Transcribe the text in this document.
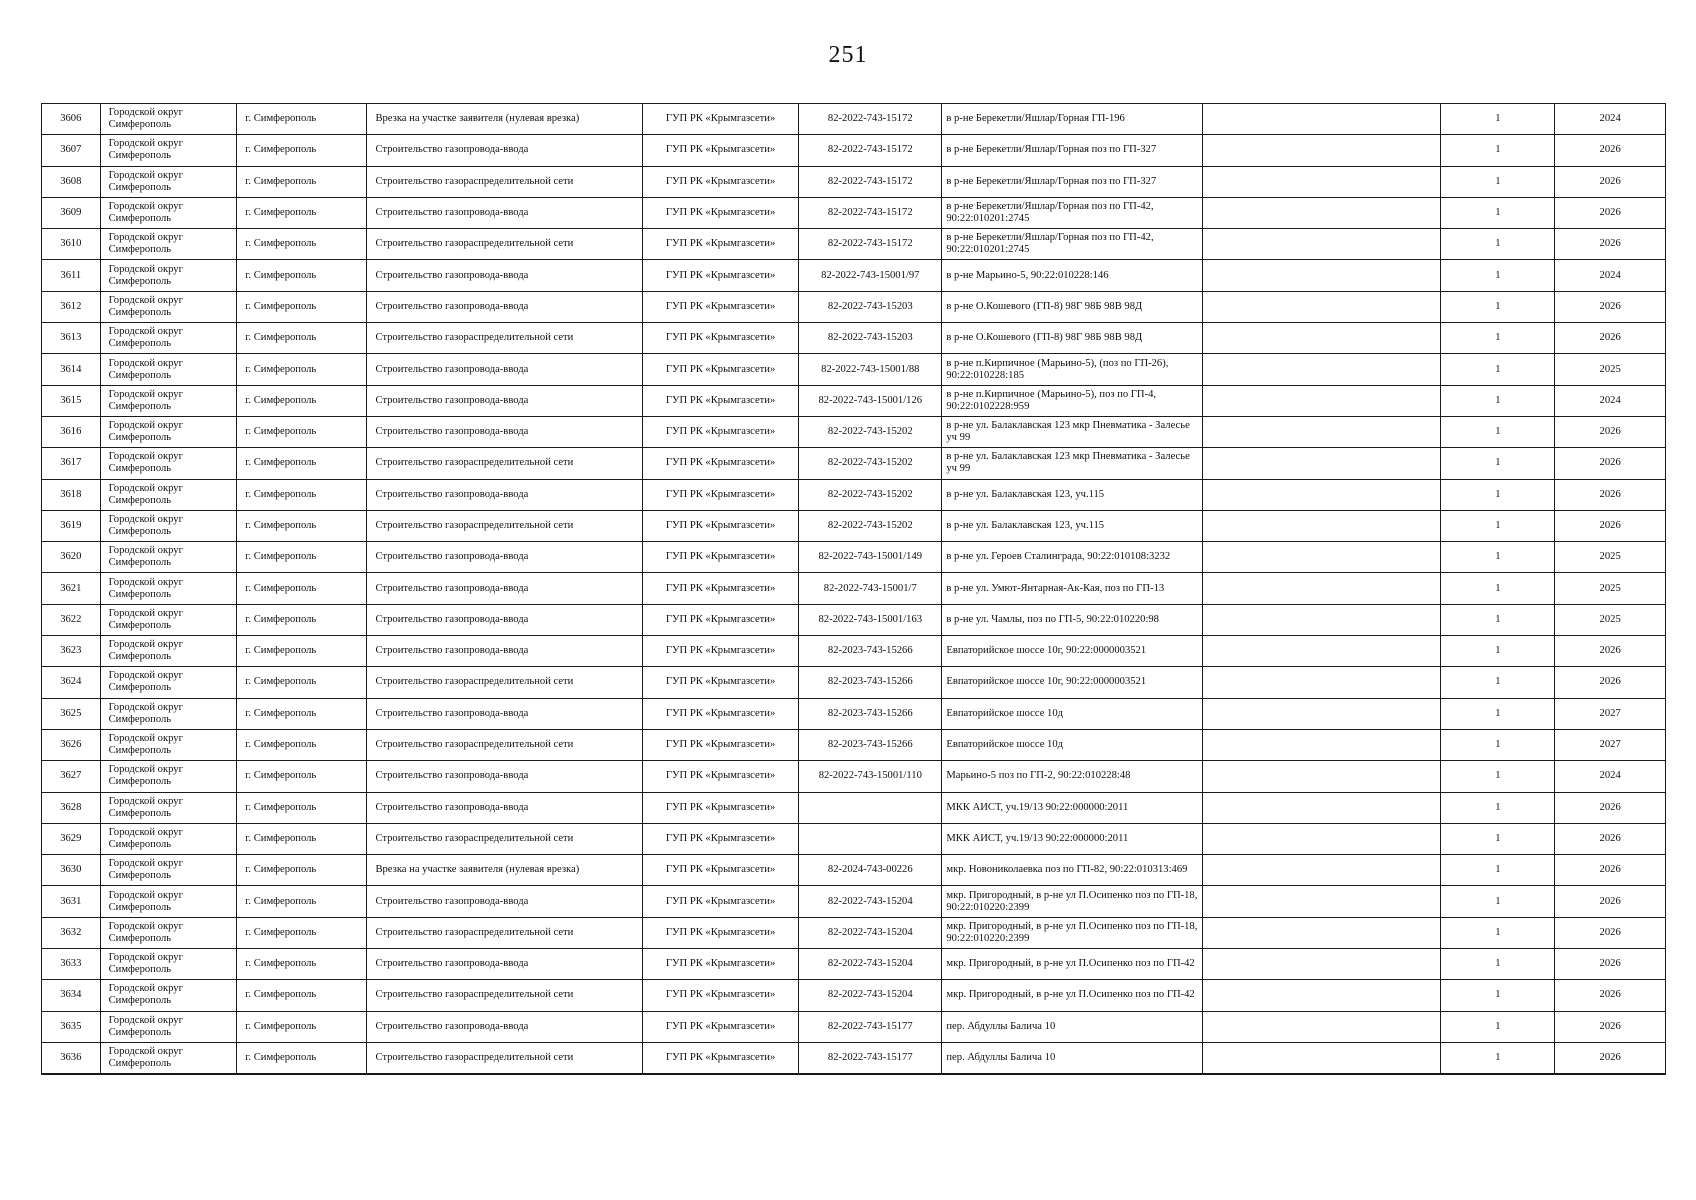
251
3606	Городской округ Симферополь	г. Симферополь	Врезка на участке заявителя (нулевая врезка)	ГУП РК «Крымгазсети»	82-2022-743-15172	в р-не Берекетли/Яшлар/Горная ГП-196		1			2024	
3607	Городской округ Симферополь	г. Симферополь	Строительство газопровода-ввода	ГУП РК «Крымгазсети»	82-2022-743-15172	в р-не Берекетли/Яшлар/Горная поз по ГП-327		1			2026	
3608	Городской округ Симферополь	г. Симферополь	Строительство газораспределительной сети	ГУП РК «Крымгазсети»	82-2022-743-15172	в р-не Берекетли/Яшлар/Горная поз по ГП-327		1			2026	
3609	Городской округ Симферополь	г. Симферополь	Строительство газопровода-ввода	ГУП РК «Крымгазсети»	82-2022-743-15172	в р-не Берекетли/Яшлар/Горная поз по ГП-42, 90:22:010201:2745		1			2026	
3610	Городской округ Симферополь	г. Симферополь	Строительство газораспределительной сети	ГУП РК «Крымгазсети»	82-2022-743-15172	в р-не Берекетли/Яшлар/Горная поз по ГП-42, 90:22:010201:2745		1			2026	
3611	Городской округ Симферополь	г. Симферополь	Строительство газопровода-ввода	ГУП РК «Крымгазсети»	82-2022-743-15001/97	в р-не Марьино-5, 90:22:010228:146		1			2024	
3612	Городской округ Симферополь	г. Симферополь	Строительство газопровода-ввода	ГУП РК «Крымгазсети»	82-2022-743-15203	в р-не О.Кошевого (ГП-8) 98Г 98Б 98В 98Д		1			2026	
3613	Городской округ Симферополь	г. Симферополь	Строительство газораспределительной сети	ГУП РК «Крымгазсети»	82-2022-743-15203	в р-не О.Кошевого (ГП-8) 98Г 98Б 98В 98Д		1			2026	
3614	Городской округ Симферополь	г. Симферополь	Строительство газопровода-ввода	ГУП РК «Крымгазсети»	82-2022-743-15001/88	в р-не п.Кирпичное (Марьино-5), (поз по ГП-26), 90:22:010228:185		1			2025	
3615	Городской округ Симферополь	г. Симферополь	Строительство газопровода-ввода	ГУП РК «Крымгазсети»	82-2022-743-15001/126	в р-не п.Кирпичное (Марьино-5), поз по ГП-4, 90:22:0102228:959		1			2024	
3616	Городской округ Симферополь	г. Симферополь	Строительство газопровода-ввода	ГУП РК «Крымгазсети»	82-2022-743-15202	в р-не ул. Балаклавская 123 мкр Пневматика - Залесье уч 99		1			2026	
3617	Городской округ Симферополь	г. Симферополь	Строительство газораспределительной сети	ГУП РК «Крымгазсети»	82-2022-743-15202	в р-не ул. Балаклавская 123 мкр Пневматика - Залесье уч 99		1			2026	
3618	Городской округ Симферополь	г. Симферополь	Строительство газопровода-ввода	ГУП РК «Крымгазсети»	82-2022-743-15202	в р-не ул. Балаклавская 123, уч.115		1			2026	
3619	Городской округ Симферополь	г. Симферополь	Строительство газораспределительной сети	ГУП РК «Крымгазсети»	82-2022-743-15202	в р-не ул. Балаклавская 123, уч.115		1			2026	
3620	Городской округ Симферополь	г. Симферополь	Строительство газопровода-ввода	ГУП РК «Крымгазсети»	82-2022-743-15001/149	в р-не ул. Героев Сталинграда, 90:22:010108:3232		1			2025	
3621	Городской округ Симферополь	г. Симферополь	Строительство газопровода-ввода	ГУП РК «Крымгазсети»	82-2022-743-15001/7	в р-не ул. Умют-Янтарная-Ак-Кая, поз по ГП-13		1			2025	
3622	Городской округ Симферополь	г. Симферополь	Строительство газопровода-ввода	ГУП РК «Крымгазсети»	82-2022-743-15001/163	в р-не ул. Чамлы, поз по ГП-5, 90:22:010220:98		1			2025	
3623	Городской округ Симферополь	г. Симферополь	Строительство газопровода-ввода	ГУП РК «Крымгазсети»	82-2023-743-15266	Евпаторийское шоссе 10г, 90:22:0000003521		1			2026	
3624	Городской округ Симферополь	г. Симферополь	Строительство газораспределительной сети	ГУП РК «Крымгазсети»	82-2023-743-15266	Евпаторийское шоссе 10г, 90:22:0000003521		1			2026	
3625	Городской округ Симферополь	г. Симферополь	Строительство газопровода-ввода	ГУП РК «Крымгазсети»	82-2023-743-15266	Евпаторийское шоссе 10д		1			2027	
3626	Городской округ Симферополь	г. Симферополь	Строительство газораспределительной сети	ГУП РК «Крымгазсети»	82-2023-743-15266	Евпаторийское шоссе 10д		1			2027	
3627	Городской округ Симферополь	г. Симферополь	Строительство газопровода-ввода	ГУП РК «Крымгазсети»	82-2022-743-15001/110	Марьино-5 поз по ГП-2, 90:22:010228:48		1			2024	
3628	Городской округ Симферополь	г. Симферополь	Строительство газопровода-ввода	ГУП РК «Крымгазсети»		МКК АИСТ, уч.19/13 90:22:000000:2011		1			2026	
3629	Городской округ Симферополь	г. Симферополь	Строительство газораспределительной сети	ГУП РК «Крымгазсети»		МКК АИСТ, уч.19/13 90:22:000000:2011		1			2026	
3630	Городской округ Симферополь	г. Симферополь	Врезка на участке заявителя (нулевая врезка)	ГУП РК «Крымгазсети»	82-2024-743-00226	мкр. Новониколаевка поз по ГП-82, 90:22:010313:469		1			2026	
3631	Городской округ Симферополь	г. Симферополь	Строительство газопровода-ввода	ГУП РК «Крымгазсети»	82-2022-743-15204	мкр. Пригородный, в р-не ул П.Осипенко поз по ГП-18, 90:22:010220:2399		1			2026	
3632	Городской округ Симферополь	г. Симферополь	Строительство газораспределительной сети	ГУП РК «Крымгазсети»	82-2022-743-15204	мкр. Пригородный, в р-не ул П.Осипенко поз по ГП-18, 90:22:010220:2399		1			2026	
3633	Городской округ Симферополь	г. Симферополь	Строительство газопровода-ввода	ГУП РК «Крымгазсети»	82-2022-743-15204	мкр. Пригородный, в р-не ул П.Осипенко поз по ГП-42		1			2026	
3634	Городской округ Симферополь	г. Симферополь	Строительство газораспределительной сети	ГУП РК «Крымгазсети»	82-2022-743-15204	мкр. Пригородный, в р-не ул П.Осипенко поз по ГП-42		1			2026	
3635	Городской округ Симферополь	г. Симферополь	Строительство газопровода-ввода	ГУП РК «Крымгазсети»	82-2022-743-15177	пер. Абдуллы Балича 10		1			2026	
3636	Городской округ Симферополь	г. Симферополь	Строительство газораспределительной сети	ГУП РК «Крымгазсети»	82-2022-743-15177	пер. Абдуллы Балича 10		1			2026	
